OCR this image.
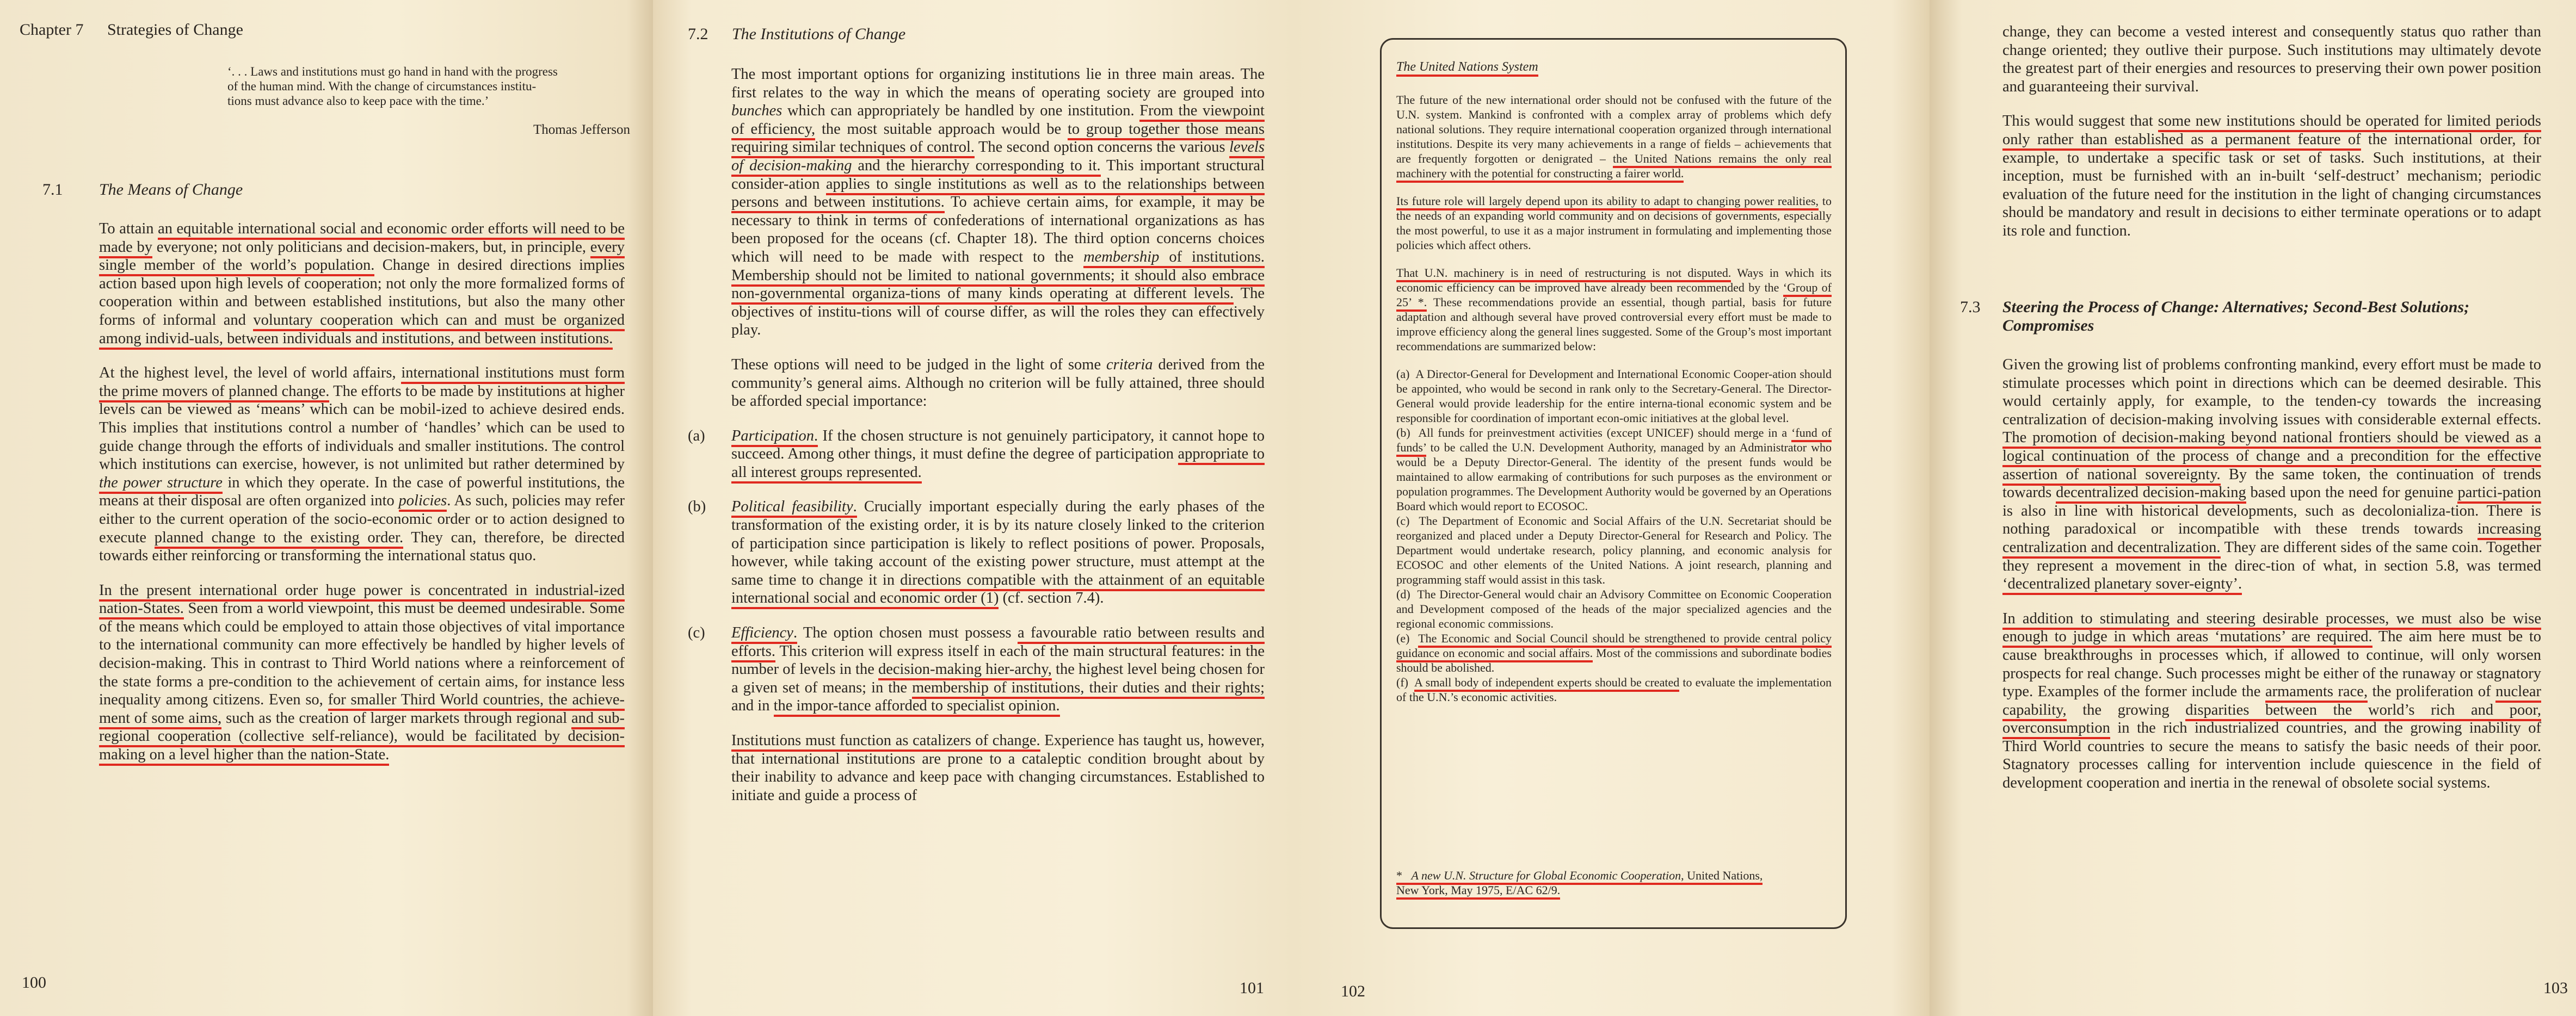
Chapter 7 Strategies of Change
‘. . . Laws and institutions must go hand in hand with the progress
of the human mind. With the change of circumstances institu-
tions must advance also to keep pace with the time.’
Thomas Jefferson
7.1 The Means of Change

To attain an equitable international social and economic order efforts will need to be made by everyone; not only politicians and decision-makers, but, in principle, every single member of the world’s population. Change in desired directions implies action based upon high levels of cooperation; not only the more formalized forms of cooperation within and between established institutions, but also the many other forms of informal and voluntary cooperation which can and must be organized among individ-uals, between individuals and institutions, and between institutions.

At the highest level, the level of world affairs, international institutions must form the prime movers of planned change. The efforts to be made by institutions at higher levels can be viewed as ‘means’ which can be mobil-ized to achieve desired ends. This implies that institutions control a number of ‘handles’ which can be used to guide change through the efforts of individuals and smaller institutions. The control which institutions can exercise, however, is not unlimited but rather determined by the power structure in which they operate. In the case of powerful institutions, the means at their disposal are often organized into policies. As such, policies may refer either to the current operation of the socio-economic order or to action designed to execute planned change to the existing order. They can, therefore, be directed towards either reinforcing or transforming the international status quo.

In the present international order huge power is concentrated in industrial-ized nation-States. Seen from a world viewpoint, this must be deemed undesirable. Some of the means which could be employed to attain those objectives of vital importance to the international community can more effectively be handled by higher levels of decision-making. This in contrast to Third World nations where a reinforcement of the state forms a pre-condition to the achievement of certain aims, for instance less inequality among citizens. Even so, for smaller Third World countries, the achieve-ment of some aims, such as the creation of larger markets through regional and sub-regional cooperation (collective self-reliance), would be facilitated by decision-making on a level higher than the nation-State.

100
7.2 The Institutions of Change

The most important options for organizing institutions lie in three main areas. The first relates to the way in which the means of operating society are grouped into bunches which can appropriately be handled by one institution. From the viewpoint of efficiency, the most suitable approach would be to group together those means requiring similar techniques of control. The second option concerns the various levels of decision-making and the hierarchy corresponding to it. This important structural consider-ation applies to single institutions as well as to the relationships between persons and between institutions. To achieve certain aims, for example, it may be necessary to think in terms of confederations of international organizations as has been proposed for the oceans (cf. Chapter 18). The third option concerns choices which will need to be made with respect to the membership of institutions. Membership should not be limited to national governments; it should also embrace non-governmental organiza-tions of many kinds operating at different levels. The objectives of institu-tions will of course differ, as will the roles they can effectively play.

These options will need to be judged in the light of some criteria derived from the community’s general aims. Although no criterion will be fully attained, three should be afforded special importance:

(a) Participation. If the chosen structure is not genuinely participatory, it cannot hope to succeed. Among other things, it must define the degree of participation appropriate to all interest groups represented.

(b) Political feasibility. Crucially important especially during the early phases of the transformation of the existing order, it is by its nature closely linked to the criterion of participation since participation is likely to reflect positions of power. Proposals, however, while taking account of the existing power structure, must attempt at the same time to change it in directions compatible with the attainment of an equitable international social and economic order (1) (cf. section 7.4).

(c) Efficiency. The option chosen must possess a favourable ratio between results and efforts. This criterion will express itself in each of the main structural features: in the number of levels in the decision-making hier-archy, the highest level being chosen for a given set of means; in the membership of institutions, their duties and their rights; and in the impor-tance afforded to specialist opinion.

Institutions must function as catalizers of change. Experience has taught us, however, that international institutions are prone to a cataleptic condition brought about by their inability to advance and keep pace with changing circumstances. Established to initiate and guide a process of

101
The United Nations System

The future of the new international order should not be confused with the future of the U.N. system. Mankind is confronted with a complex array of problems which defy national solutions. They require international cooperation organized through international institutions. Despite its very many achievements in a range of fields – achievements that are frequently forgotten or denigrated – the United Nations remains the only real machinery with the potential for constructing a fairer world.

Its future role will largely depend upon its ability to adapt to changing power realities, to the needs of an expanding world community and on decisions of governments, especially the most powerful, to use it as a major instrument in formulating and implementing those policies which affect others.

That U.N. machinery is in need of restructuring is not disputed. Ways in which its economic efficiency can be improved have already been recommended by the ‘Group of 25’ *. These recommendations provide an essential, though partial, basis for future adaptation and although several have proved controversial every effort must be made to improve efficiency along the general lines suggested. Some of the Group’s most important recommendations are summarized below:

(a)  A Director-General for Development and International Economic Cooper-ation should be appointed, who would be second in rank only to the Secretary-General. The Director-General would provide leadership for the entire interna-tional economic system and be responsible for coordination of important econ-omic initiatives at the global level.
(b)  All funds for preinvestment activities (except UNICEF) should merge in a ‘fund of funds’ to be called the U.N. Development Authority, managed by an Administrator who would be a Deputy Director-General. The identity of the present funds would be maintained to allow earmaking of contributions for such purposes as the environment or population programmes. The Development Authority would be governed by an Operations Board which would report to ECOSOC.
(c)  The Department of Economic and Social Affairs of the U.N. Secretariat should be reorganized and placed under a Deputy Director-General for Research and Policy. The Department would undertake research, policy planning, and economic analysis for ECOSOC and other elements of the United Nations. A joint research, planning and programming staff would assist in this task.
(d)  The Director-General would chair an Advisory Committee on Economic Cooperation and Development composed of the heads of the major specialized agencies and the regional economic commissions.
(e)  The Economic and Social Council should be strengthened to provide central policy guidance on economic and social affairs. Most of the commissions and subordinate bodies should be abolished.
(f)  A small body of independent experts should be created to evaluate the implementation of the U.N.’s economic activities.

* A new U.N. Structure for Global Economic Cooperation, United Nations,
New York, May 1975, E/AC 62/9.
102

change, they can become a vested interest and consequently status quo rather than change oriented; they outlive their purpose. Such institutions may ultimately devote the greatest part of their energies and resources to preserving their own power position and guaranteeing their survival.

This would suggest that some new institutions should be operated for limited periods only rather than established as a permanent feature of the international order, for example, to undertake a specific task or set of tasks. Such institutions, at their inception, must be furnished with an in-built ‘self-destruct’ mechanism; periodic evaluation of the future need for the institution in the light of changing circumstances should be mandatory and result in decisions to either terminate operations or to adapt its role and function.

7.3 Steering the Process of Change: Alternatives; Second-Best Solutions;
Compromises

Given the growing list of problems confronting mankind, every effort must be made to stimulate processes which point in directions which can be deemed desirable. This would certainly apply, for example, to the tenden-cy towards the increasing centralization of decision-making involving issues with considerable external effects. The promotion of decision-making beyond national frontiers should be viewed as a logical continuation of the process of change and a precondition for the effective assertion of national sovereignty. By the same token, the continuation of trends towards decentralized decision-making based upon the need for genuine partici-pation is also in line with historical developments, such as decolonializa-tion. There is nothing paradoxical or incompatible with these trends towards increasing centralization and decentralization. They are different sides of the same coin. Together they represent a movement in the direc-tion of what, in section 5.8, was termed ‘decentralized planetary sover-eignty’.

In addition to stimulating and steering desirable processes, we must also be wise enough to judge in which areas ‘mutations’ are required. The aim here must be to cause breakthroughs in processes which, if allowed to continue, will only worsen prospects for real change. Such processes might be either of the runaway or stagnatory type. Examples of the former include the armaments race, the proliferation of nuclear capability, the growing disparities between the world’s rich and poor, overconsumption in the rich industrialized countries, and the growing inability of Third World countries to secure the means to satisfy the basic needs of their poor. Stagnatory processes calling for intervention include quiescence in the field of development cooperation and inertia in the renewal of obsolete social systems.

103
